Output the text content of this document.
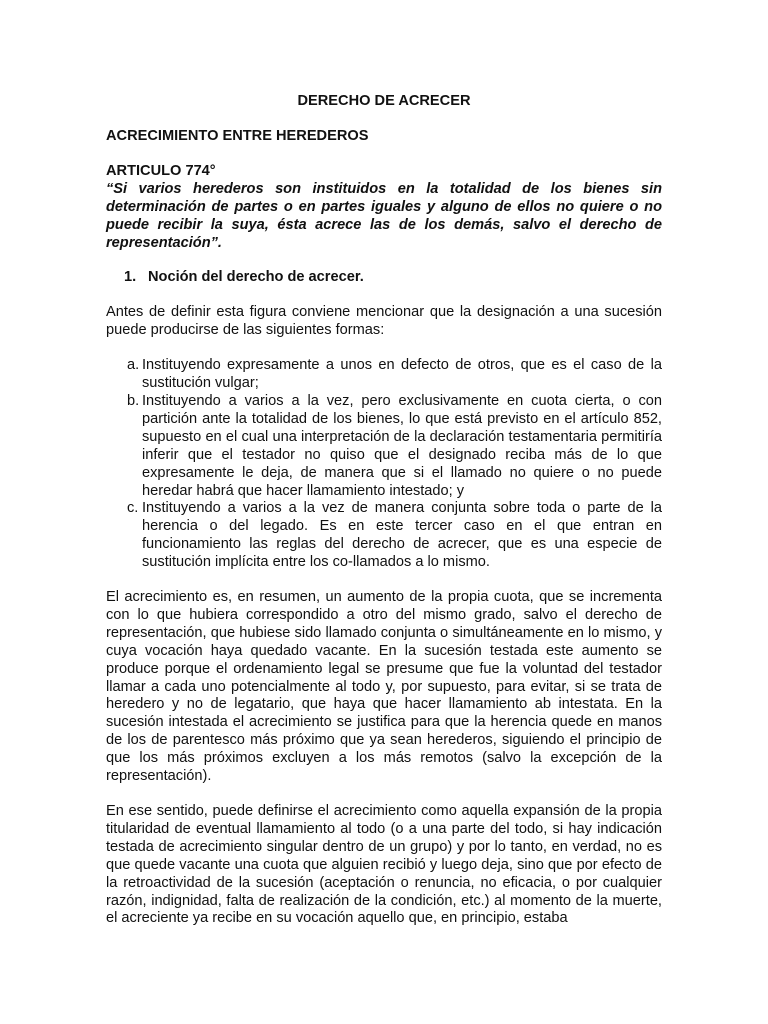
DERECHO DE ACRECER
ACRECIMIENTO ENTRE HEREDEROS
ARTICULO 774°
“Si varios herederos son instituidos en la totalidad de los bienes sin determinación de partes o en partes iguales y alguno de ellos no quiere o no puede recibir la suya, ésta acrece las de los demás, salvo el derecho de representación”.
1. Noción del derecho de acrecer.

Antes de definir esta figura conviene mencionar que la designación a una sucesión puede producirse de las siguientes formas:

a. Instituyendo expresamente a unos en defecto de otros, que es el caso de la sustitución vulgar;
b. Instituyendo a varios a la vez, pero exclusivamente en cuota cierta, o con partición ante la totalidad de los bienes, lo que está previsto en el artículo 852, supuesto en el cual una interpretación de la declaración testamentaria permitiría inferir que el testador no quiso que el designado reciba más de lo que expresamente le deja, de manera que si el llamado no quiere o no puede heredar habrá que hacer llamamiento intestado; y
c. Instituyendo a varios a la vez de manera conjunta sobre toda o parte de la herencia o del legado. Es en este tercer caso en el que entran en funcionamiento las reglas del derecho de acrecer, que es una especie de sustitución implícita entre los co-llamados a lo mismo.

El acrecimiento es, en resumen, un aumento de la propia cuota, que se incrementa con lo que hubiera correspondido a otro del mismo grado, salvo el derecho de representación, que hubiese sido llamado conjunta o simultáneamente en lo mismo, y cuya vocación haya quedado vacante. En la sucesión testada este aumento se produce porque el ordenamiento legal se presume que fue la voluntad del testador llamar a cada uno potencialmente al todo y, por supuesto, para evitar, si se trata de heredero y no de legatario, que haya que hacer llamamiento ab intestata. En la sucesión intestada el acrecimiento se justifica para que la herencia quede en manos de los de parentesco más próximo que ya sean herederos, siguiendo el principio de que los más próximos excluyen a los más remotos (salvo la excepción de la representación).

En ese sentido, puede definirse el acrecimiento como aquella expansión de la propia titularidad de eventual llamamiento al todo (o a una parte del todo, si hay indicación testada de acrecimiento singular dentro de un grupo) y por lo tanto, en verdad, no es que quede vacante una cuota que alguien recibió y luego deja, sino que por efecto de la retroactividad de la sucesión (aceptación o renuncia, no eficacia, o por cualquier razón, indignidad, falta de realización de la condición, etc.) al momento de la muerte, el acreciente ya recibe en su vocación aquello que, en principio, estaba
